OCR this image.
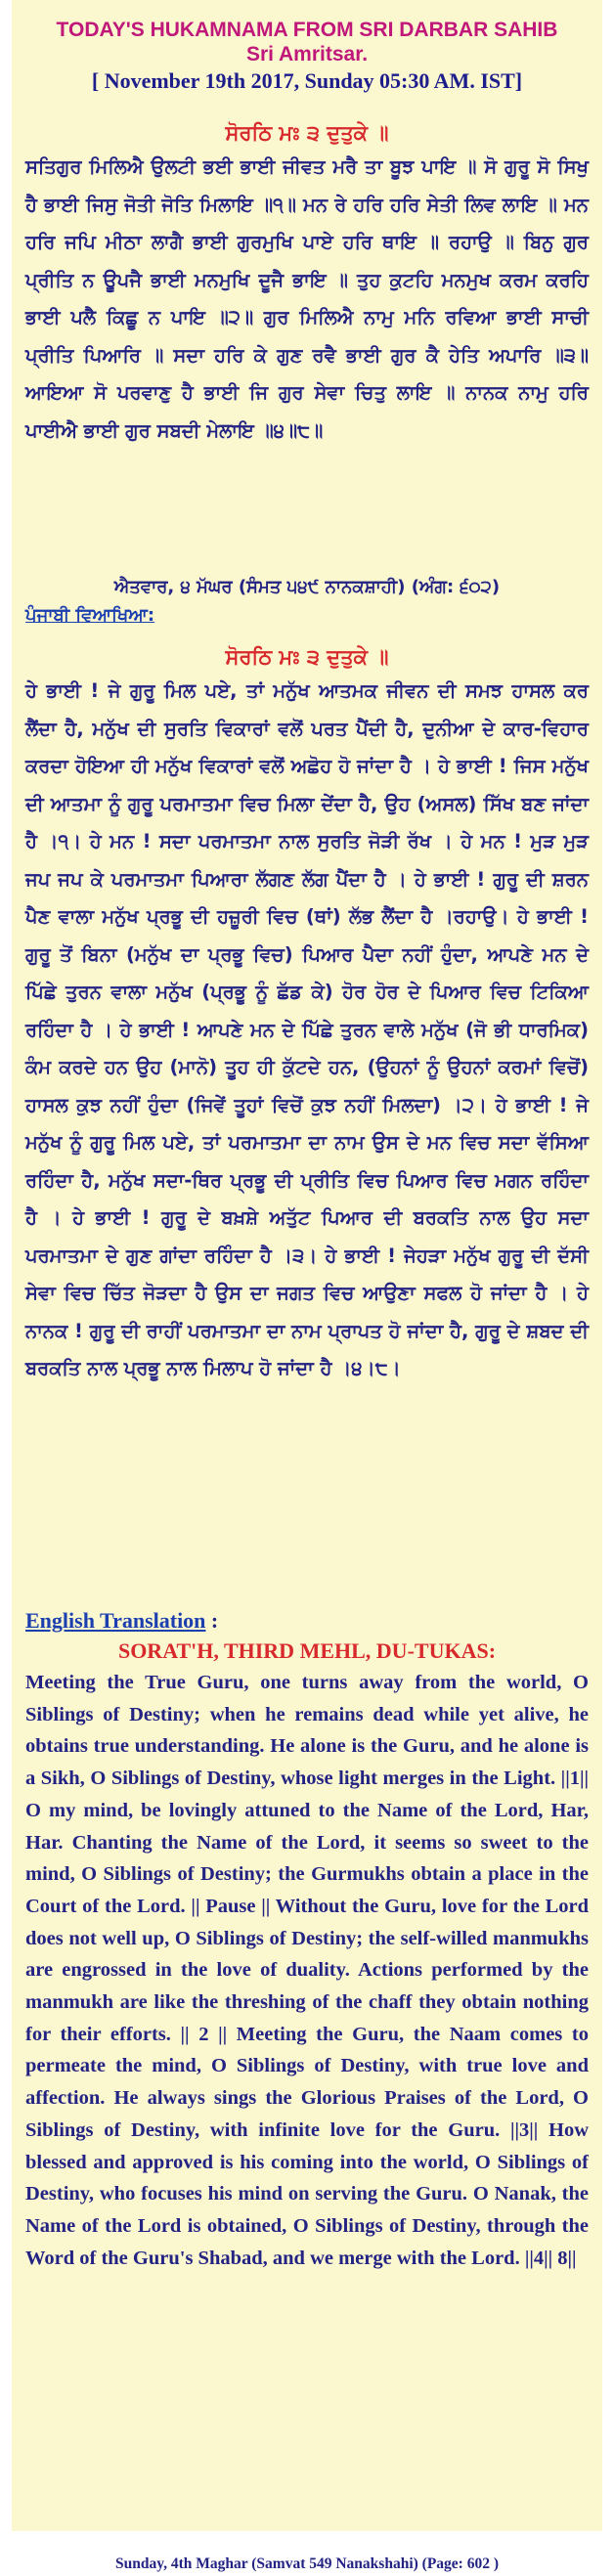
TODAY'S HUKAMNAMA FROM SRI DARBAR SAHIB
Sri Amritsar.
[ November 19th 2017, Sunday 05:30 AM. IST]
ਸੋਰਠਿ ਮਃ ੩ ਦੁਤੁਕੇ ॥
ਸਤਿਗੁਰ ਮਿਲਿਐ ਉਲਟੀ ਭਈ ਭਾਈ ਜੀਵਤ ਮਰੈ ਤਾ ਬੂਝ ਪਾਇ ॥ ਸੋ ਗੁਰੂ ਸੋ ਸਿਖੁ ਹੈ ਭਾਈ ਜਿਸੁ ਜੋਤੀ ਜੋਤਿ ਮਿਲਾਇ ॥੧॥ ਮਨ ਰੇ ਹਰਿ ਹਰਿ ਸੇਤੀ ਲਿਵ ਲਾਇ ॥ ਮਨ ਹਰਿ ਜਪਿ ਮੀਠਾ ਲਾਗੈ ਭਾਈ ਗੁਰਮੁਖਿ ਪਾਏ ਹਰਿ ਥਾਇ ॥ ਰਹਾਉ ॥ ਬਿਨੁ ਗੁਰ ਪ੍ਰੀਤਿ ਨ ਊਪਜੈ ਭਾਈ ਮਨਮੁਖਿ ਦੂਜੈ ਭਾਇ ॥ ਤੁਹ ਕੁਟਹਿ ਮਨਮੁਖ ਕਰਮ ਕਰਹਿ ਭਾਈ ਪਲੈ ਕਿਛੂ ਨ ਪਾਇ ॥੨॥ ਗੁਰ ਮਿਲਿਐ ਨਾਮੁ ਮਨਿ ਰਵਿਆ ਭਾਈ ਸਾਚੀ ਪ੍ਰੀਤਿ ਪਿਆਰਿ ॥ ਸਦਾ ਹਰਿ ਕੇ ਗੁਣ ਰਵੈ ਭਾਈ ਗੁਰ ਕੈ ਹੇਤਿ ਅਪਾਰਿ ॥੩॥ ਆਇਆ ਸੋ ਪਰਵਾਣੁ ਹੈ ਭਾਈ ਜਿ ਗੁਰ ਸੇਵਾ ਚਿਤੁ ਲਾਇ ॥ ਨਾਨਕ ਨਾਮੁ ਹਰਿ ਪਾਈਐ ਭਾਈ ਗੁਰ ਸਬਦੀ ਮੇਲਾਇ ॥੪॥੮॥
ਐਤਵਾਰ, ੪ ਮੱਘਰ (ਸੰਮਤ ੫੪੯ ਨਾਨਕਸ਼ਾਹੀ) (ਅੰਗ: ੬੦੨)
ਪੰਜਾਬੀ ਵਿਆਖਿਆ:
ਸੋਰਠਿ ਮਃ ੩ ਦੁਤੁਕੇ ॥
ਹੇ ਭਾਈ ! ਜੇ ਗੁਰੂ ਮਿਲ ਪਏ, ਤਾਂ ਮਨੁੱਖ ਆਤਮਕ ਜੀਵਨ ਦੀ ਸਮਝ ਹਾਸਲ ਕਰ ਲੈਂਦਾ ਹੈ, ਮਨੁੱਖ ਦੀ ਸੁਰਤਿ ਵਿਕਾਰਾਂ ਵਲੋਂ ਪਰਤ ਪੈਂਦੀ ਹੈ, ਦੁਨੀਆ ਦੇ ਕਾਰ-ਵਿਹਾਰ ਕਰਦਾ ਹੋਇਆ ਹੀ ਮਨੁੱਖ ਵਿਕਾਰਾਂ ਵਲੋਂ ਅਛੋਹ ਹੋ ਜਾਂਦਾ ਹੈ । ਹੇ ਭਾਈ ! ਜਿਸ ਮਨੁੱਖ ਦੀ ਆਤਮਾ ਨੂੰ ਗੁਰੂ ਪਰਮਾਤਮਾ ਵਿਚ ਮਿਲਾ ਦੇਂਦਾ ਹੈ, ਉਹ (ਅਸਲ) ਸਿੱਖ ਬਣ ਜਾਂਦਾ ਹੈ ।੧। ਹੇ ਮਨ ! ਸਦਾ ਪਰਮਾਤਮਾ ਨਾਲ ਸੁਰਤਿ ਜੋੜੀ ਰੱਖ । ਹੇ ਮਨ ! ਮੁੜ ਮੁੜ ਜਪ ਜਪ ਕੇ ਪਰਮਾਤਮਾ ਪਿਆਰਾ ਲੱਗਣ ਲੱਗ ਪੈਂਦਾ ਹੈ । ਹੇ ਭਾਈ ! ਗੁਰੂ ਦੀ ਸ਼ਰਨ ਪੈਣ ਵਾਲਾ ਮਨੁੱਖ ਪ੍ਰਭੂ ਦੀ ਹਜ਼ੂਰੀ ਵਿਚ (ਥਾਂ) ਲੱਭ ਲੈਂਦਾ ਹੈ ।ਰਹਾਉ। ਹੇ ਭਾਈ ! ਗੁਰੂ ਤੋਂ ਬਿਨਾ (ਮਨੁੱਖ ਦਾ ਪ੍ਰਭੂ ਵਿਚ) ਪਿਆਰ ਪੈਦਾ ਨਹੀਂ ਹੁੰਦਾ, ਆਪਣੇ ਮਨ ਦੇ ਪਿੱਛੇ ਤੁਰਨ ਵਾਲਾ ਮਨੁੱਖ (ਪ੍ਰਭੂ ਨੂੰ ਛੱਡ ਕੇ) ਹੋਰ ਹੋਰ ਦੇ ਪਿਆਰ ਵਿਚ ਟਿਕਿਆ ਰਹਿੰਦਾ ਹੈ । ਹੇ ਭਾਈ ! ਆਪਣੇ ਮਨ ਦੇ ਪਿੱਛੇ ਤੁਰਨ ਵਾਲੇ ਮਨੁੱਖ (ਜੋ ਭੀ ਧਾਰਮਿਕ) ਕੰਮ ਕਰਦੇ ਹਨ ਉਹ (ਮਾਨੋ) ਤੂਹ ਹੀ ਕੁੱਟਦੇ ਹਨ, (ਉਹਨਾਂ ਨੂੰ ਉਹਨਾਂ ਕਰਮਾਂ ਵਿਚੋਂ) ਹਾਸਲ ਕੁਝ ਨਹੀਂ ਹੁੰਦਾ (ਜਿਵੇਂ ਤੂਹਾਂ ਵਿਚੋਂ ਕੁਝ ਨਹੀਂ ਮਿਲਦਾ) ।੨। ਹੇ ਭਾਈ ! ਜੇ ਮਨੁੱਖ ਨੂੰ ਗੁਰੂ ਮਿਲ ਪਏ, ਤਾਂ ਪਰਮਾਤਮਾ ਦਾ ਨਾਮ ਉਸ ਦੇ ਮਨ ਵਿਚ ਸਦਾ ਵੱਸਿਆ ਰਹਿੰਦਾ ਹੈ, ਮਨੁੱਖ ਸਦਾ-ਥਿਰ ਪ੍ਰਭੂ ਦੀ ਪ੍ਰੀਤਿ ਵਿਚ ਪਿਆਰ ਵਿਚ ਮਗਨ ਰਹਿੰਦਾ ਹੈ । ਹੇ ਭਾਈ ! ਗੁਰੂ ਦੇ ਬਖ਼ਸ਼ੇ ਅਤੁੱਟ ਪਿਆਰ ਦੀ ਬਰਕਤਿ ਨਾਲ ਉਹ ਸਦਾ ਪਰਮਾਤਮਾ ਦੇ ਗੁਣ ਗਾਂਦਾ ਰਹਿੰਦਾ ਹੈ ।੩। ਹੇ ਭਾਈ ! ਜੇਹੜਾ ਮਨੁੱਖ ਗੁਰੂ ਦੀ ਦੱਸੀ ਸੇਵਾ ਵਿਚ ਚਿੱਤ ਜੋੜਦਾ ਹੈ ਉਸ ਦਾ ਜਗਤ ਵਿਚ ਆਉਣਾ ਸਫਲ ਹੋ ਜਾਂਦਾ ਹੈ । ਹੇ ਨਾਨਕ ! ਗੁਰੂ ਦੀ ਰਾਹੀਂ ਪਰਮਾਤਮਾ ਦਾ ਨਾਮ ਪ੍ਰਾਪਤ ਹੋ ਜਾਂਦਾ ਹੈ, ਗੁਰੂ ਦੇ ਸ਼ਬਦ ਦੀ ਬਰਕਤਿ ਨਾਲ ਪ੍ਰਭੂ ਨਾਲ ਮਿਲਾਪ ਹੋ ਜਾਂਦਾ ਹੈ ।੪।੮।
English Translation :
SORAT'H, THIRD MEHL, DU-TUKAS:
Meeting the True Guru, one turns away from the world, O Siblings of Destiny; when he remains dead while yet alive, he obtains true understanding. He alone is the Guru, and he alone is a Sikh, O Siblings of Destiny, whose light merges in the Light. ||1|| O my mind, be lovingly attuned to the Name of the Lord, Har, Har. Chanting the Name of the Lord, it seems so sweet to the mind, O Siblings of Destiny; the Gurmukhs obtain a place in the Court of the Lord. || Pause || Without the Guru, love for the Lord does not well up, O Siblings of Destiny; the self-willed manmukhs are engrossed in the love of duality. Actions performed by the manmukh are like the threshing of the chaff they obtain nothing for their efforts. || 2 || Meeting the Guru, the Naam comes to permeate the mind, O Siblings of Destiny, with true love and affection. He always sings the Glorious Praises of the Lord, O Siblings of Destiny, with infinite love for the Guru. ||3|| How blessed and approved is his coming into the world, O Siblings of Destiny, who focuses his mind on serving the Guru. O Nanak, the Name of the Lord is obtained, O Siblings of Destiny, through the Word of the Guru's Shabad, and we merge with the Lord. ||4|| 8||
Sunday, 4th Maghar (Samvat 549 Nanakshahi) (Page: 602 )
